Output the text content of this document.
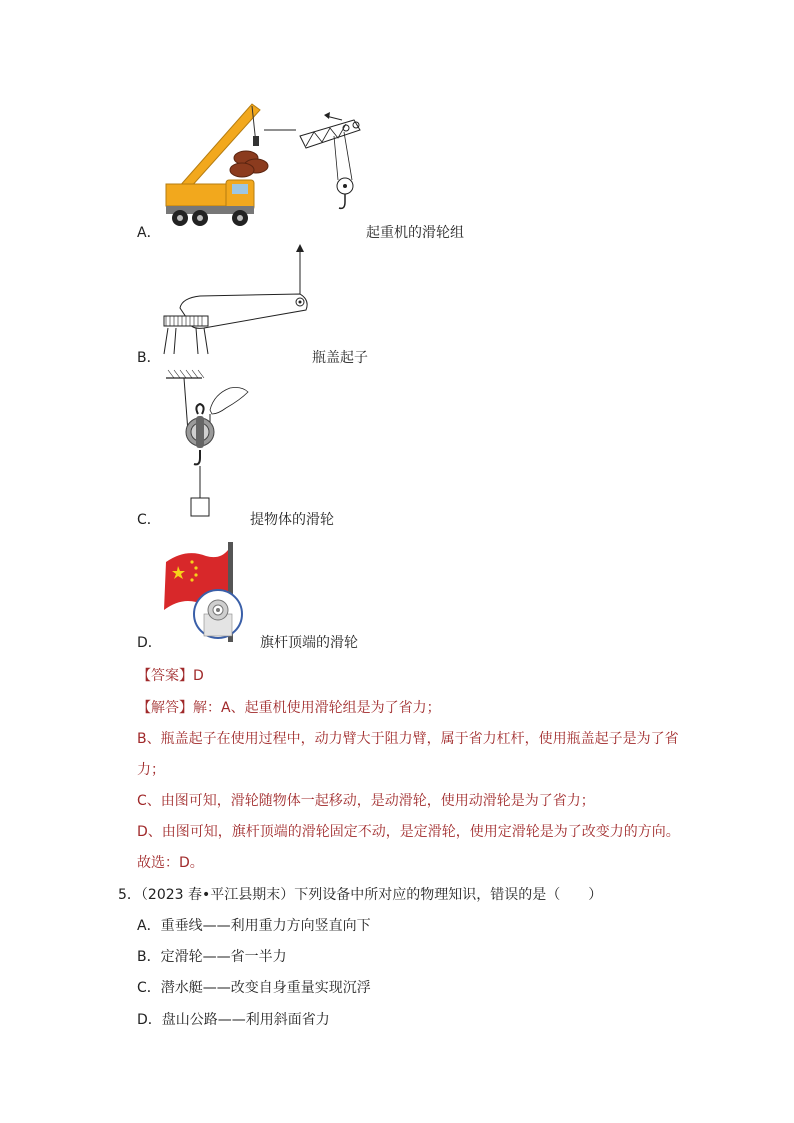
A．	起重机的滑轮组
B．	瓶盖起子
C．	提物体的滑轮
D．	旗杆顶端的滑轮
【答案】D
【解答】解：A、起重机使用滑轮组是为了省力；
B、瓶盖起子在使用过程中，动力臂大于阻力臂，属于省力杠杆，使用瓶盖起子是为了省
力；
C、由图可知，滑轮随物体一起移动，是动滑轮，使用动滑轮是为了省力；
D、由图可知，旗杆顶端的滑轮固定不动，是定滑轮，使用定滑轮是为了改变力的方向。
故选：D。
5．（2023 春•平江县期末）下列设备中所对应的物理知识，错误的是（　　）
A．重垂线——利用重力方向竖直向下
B．定滑轮——省一半力
C．潜水艇——改变自身重量实现沉浮
D．盘山公路——利用斜面省力
